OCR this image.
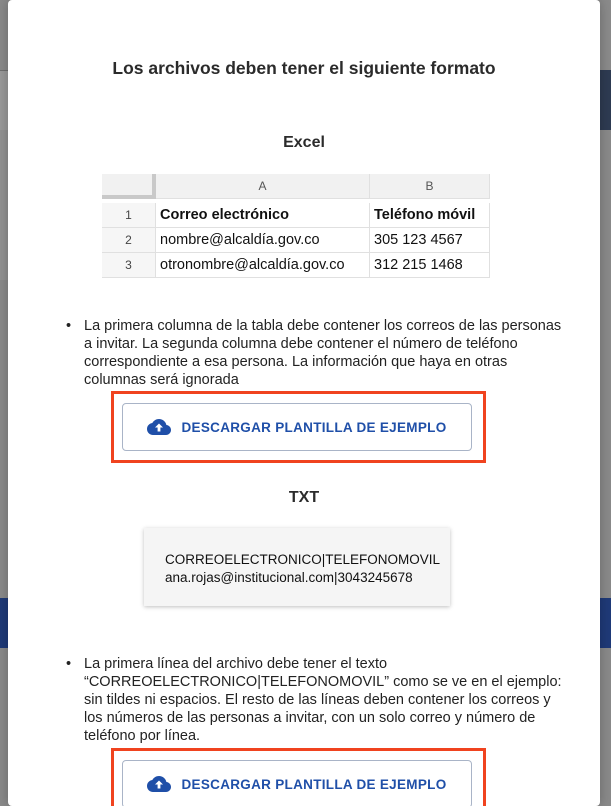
Los archivos deben tener el siguiente formato
Excel
A	B
1	Correo electrónico	Teléfono móvil
2	nombre@alcaldía.gov.co	305 123 4567
3	otronombre@alcaldía.gov.co	312 215 1468
• La primera columna de la tabla debe contener los correos de las personas a invitar. La segunda columna debe contener el número de teléfono correspondiente a esa persona. La información que haya en otras columnas será ignorada
DESCARGAR PLANTILLA DE EJEMPLO
TXT
CORREOELECTRONICO|TELEFONOMOVIL
ana.rojas@institucional.com|3043245678
• La primera línea del archivo debe tener el texto “CORREOELECTRONICO|TELEFONOMOVIL” como se ve en el ejemplo: sin tildes ni espacios. El resto de las líneas deben contener los correos y los números de las personas a invitar, con un solo correo y número de teléfono por línea.
DESCARGAR PLANTILLA DE EJEMPLO
